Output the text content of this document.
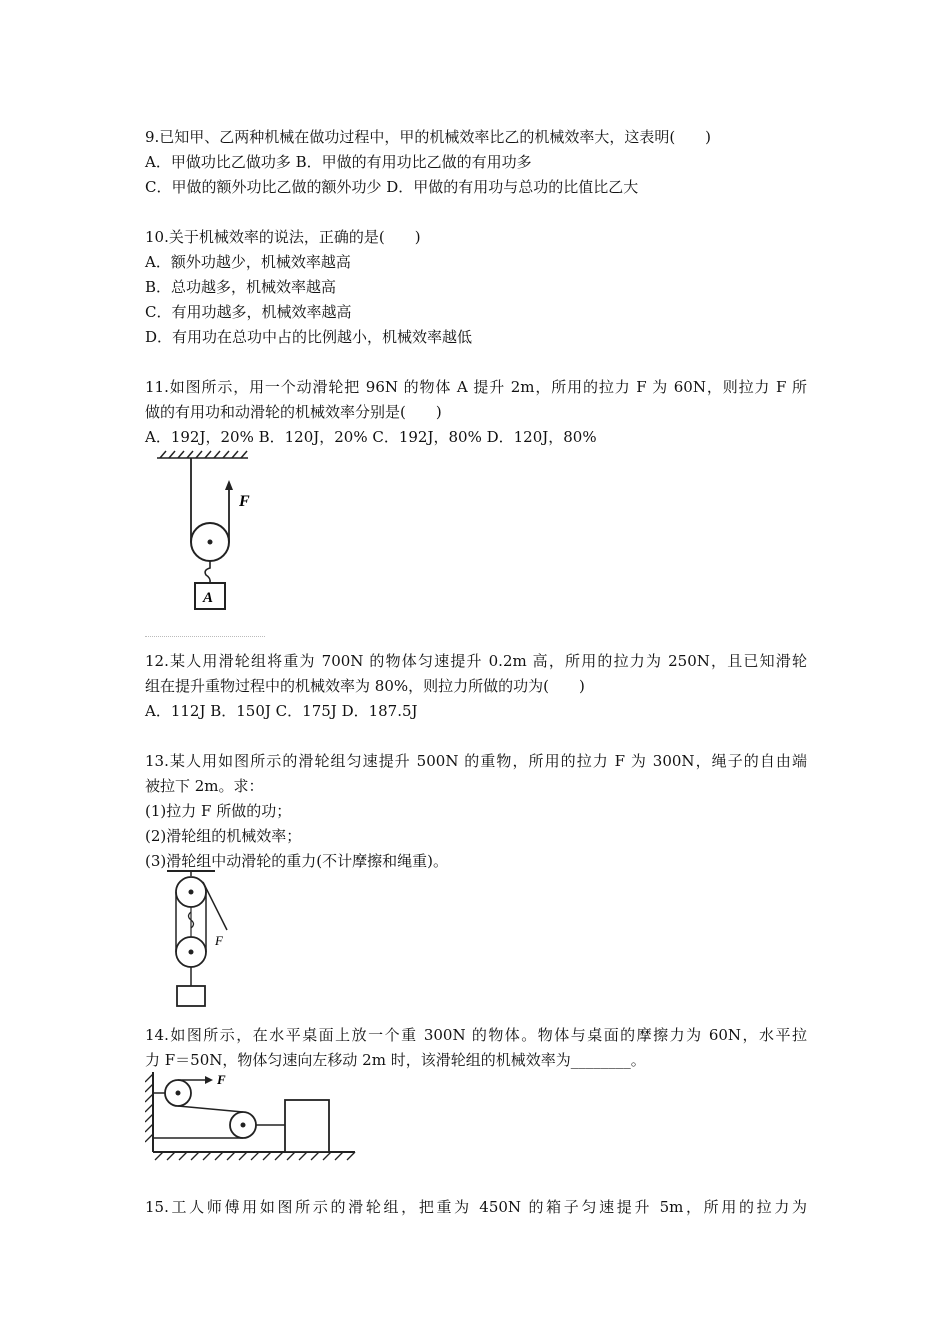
9.已知甲、乙两种机械在做功过程中，甲的机械效率比乙的机械效率大，这表明(　　)
A．甲做功比乙做功多 B．甲做的有用功比乙做的有用功多
C．甲做的额外功比乙做的额外功少 D．甲做的有用功与总功的比值比乙大
10.关于机械效率的说法，正确的是(　　)
A．额外功越少，机械效率越高
B．总功越多，机械效率越高
C．有用功越多，机械效率越高
D．有用功在总功中占的比例越小，机械效率越低
11.如图所示，用一个动滑轮把 96N 的物体 A 提升 2m，所用的拉力 F 为 60N，则拉力 F 所
做的有用功和动滑轮的机械效率分别是(　　)
A．192J，20% B．120J，20% C．192J，80% D．120J，80%
F
A
12.某人用滑轮组将重为 700N 的物体匀速提升 0.2m 高，所用的拉力为 250N，且已知滑轮
组在提升重物过程中的机械效率为 80%，则拉力所做的功为(　　)
A．112J B．150J C．175J D．187.5J
13.某人用如图所示的滑轮组匀速提升 500N 的重物，所用的拉力 F 为 300N，绳子的自由端
被拉下 2m。求：
(1)拉力 F 所做的功；
(2)滑轮组的机械效率；
(3)滑轮组中动滑轮的重力(不计摩擦和绳重)。
F
14.如图所示，在水平桌面上放一个重 300N 的物体。物体与桌面的摩擦力为 60N，水平拉
力 F＝50N，物体匀速向左移动 2m 时，该滑轮组的机械效率为________。
F
15.工人师傅用如图所示的滑轮组，把重为 450N 的箱子匀速提升 5m，所用的拉力为
